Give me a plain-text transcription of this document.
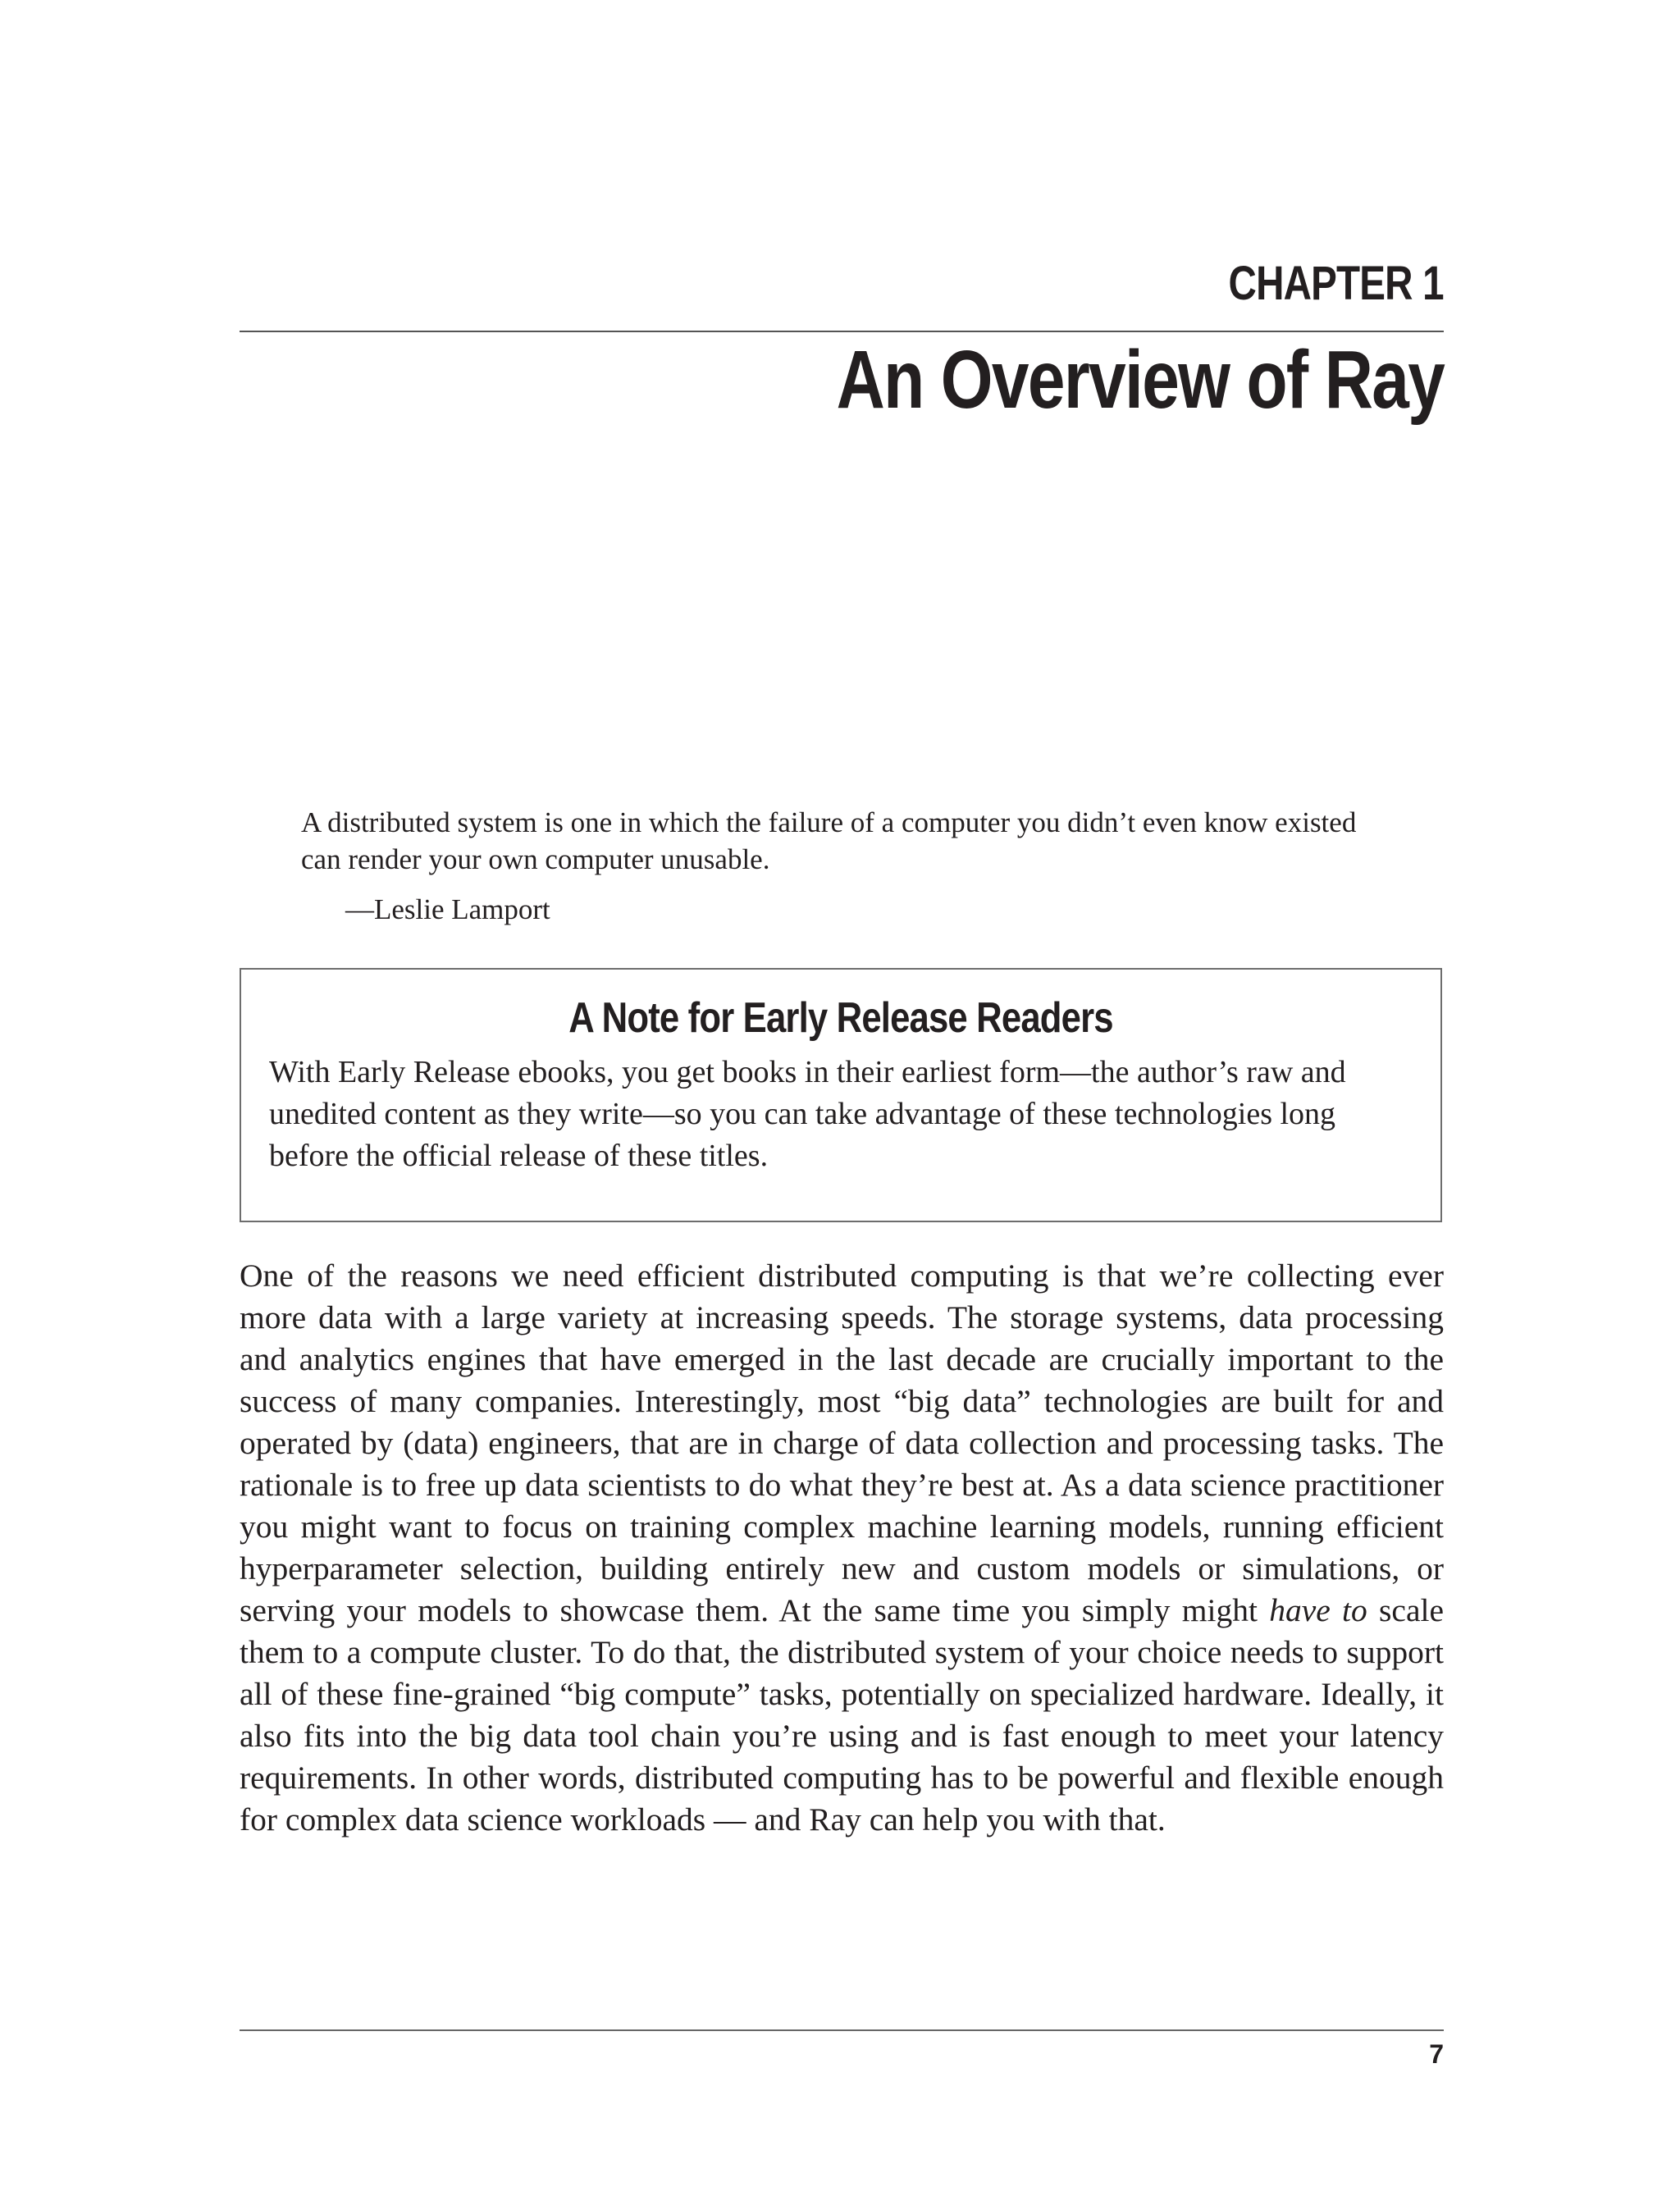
CHAPTER 1
An Overview of Ray

A distributed system is one in which the failure of a computer you didn’t even know existed can render your own computer unusable.

—Leslie Lamport

A Note for Early Release Readers

With Early Release ebooks, you get books in their earliest form—the author’s raw and unedited content as they write—so you can take advantage of these technologies long before the official release of these titles.

One of the reasons we need efficient distributed computing is that we’re collecting ever more data with a large variety at increasing speeds. The storage systems, data processing and analytics engines that have emerged in the last decade are crucially important to the success of many companies. Interestingly, most “big data” technologies are built for and operated by (data) engineers, that are in charge of data collection and processing tasks. The rationale is to free up data scientists to do what they’re best at. As a data science practitioner you might want to focus on training complex machine learning models, running efficient hyperparameter selection, building entirely new and custom models or simulations, or serving your models to showcase them. At the same time you simply might have to scale them to a compute cluster. To do that, the distributed system of your choice needs to support all of these fine-grained “big compute” tasks, potentially on specialized hardware. Ideally, it also fits into the big data tool chain you’re using and is fast enough to meet your latency requirements. In other words, distributed computing has to be powerful and flexible enough for complex data science workloads — and Ray can help you with that.

7
